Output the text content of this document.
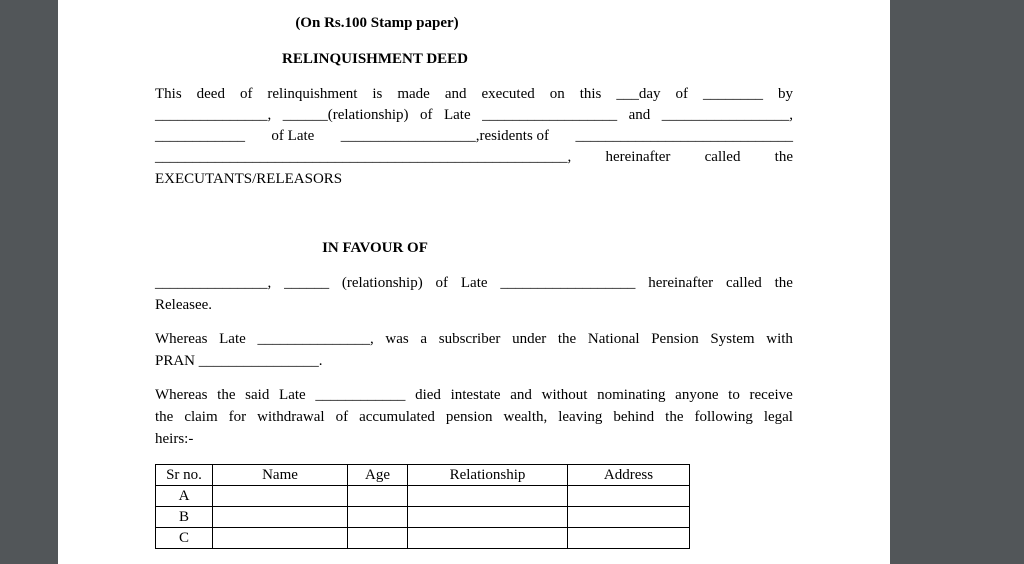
(On Rs.100 Stamp paper)
RELINQUISHMENT DEED
This deed of relinquishment is made and executed on this ___day of ________ by
_______________, ______(relationship) of Late __________________ and _________________,
____________ of Late __________________,residents of _____________________________
_______________________________________________________, hereinafter called the
EXECUTANTS/RELEASORS
IN FAVOUR OF
_______________, ______ (relationship) of Late __________________ hereinafter called the
Releasee.
Whereas Late _______________, was a subscriber under the National Pension System with
PRAN ________________.
Whereas the said Late ____________ died intestate and without nominating anyone to receive
the claim for withdrawal of accumulated pension wealth, leaving behind the following legal
heirs:-
Sr no.	Name	Age	Relationship	Address
A				
B				
C				
